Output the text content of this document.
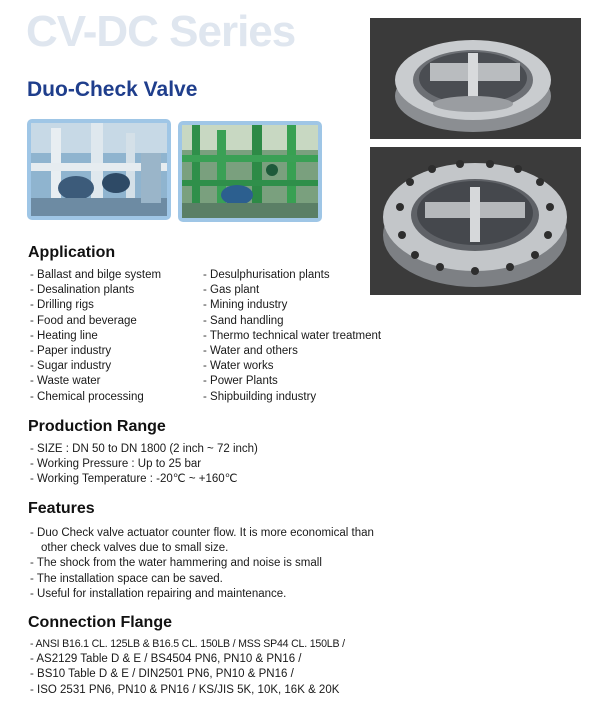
CV-DC Series
Duo-Check Valve
Application
- Ballast and bilge system
- Desalination plants
- Drilling rigs
- Food and beverage
- Heating line
- Paper industry
- Sugar industry
- Waste water
- Chemical processing
- Desulphurisation plants
- Gas plant
- Mining industry
- Sand handling
- Thermo technical water treatment
- Water and others
- Water works
- Power Plants
- Shipbuilding industry
Production Range
- SIZE : DN 50 to DN 1800 (2 inch ~ 72 inch)
- Working Pressure : Up to 25 bar
- Working Temperature : -20℃ ~ +160℃
Features
- Duo Check valve actuator counter flow. It is more economical than
other check valves due to small size.
- The shock from the water hammering and noise is small
- The installation space can be saved.
- Useful for installation repairing and maintenance.
Connection Flange
- ANSI B16.1 CL. 125LB & B16.5 CL. 150LB / MSS SP44 CL. 150LB /
- AS2129 Table D & E / BS4504 PN6, PN10 & PN16 /
- BS10 Table D & E / DIN2501 PN6, PN10 & PN16 /
- ISO 2531 PN6, PN10 & PN16 / KS/JIS 5K, 10K, 16K & 20K
